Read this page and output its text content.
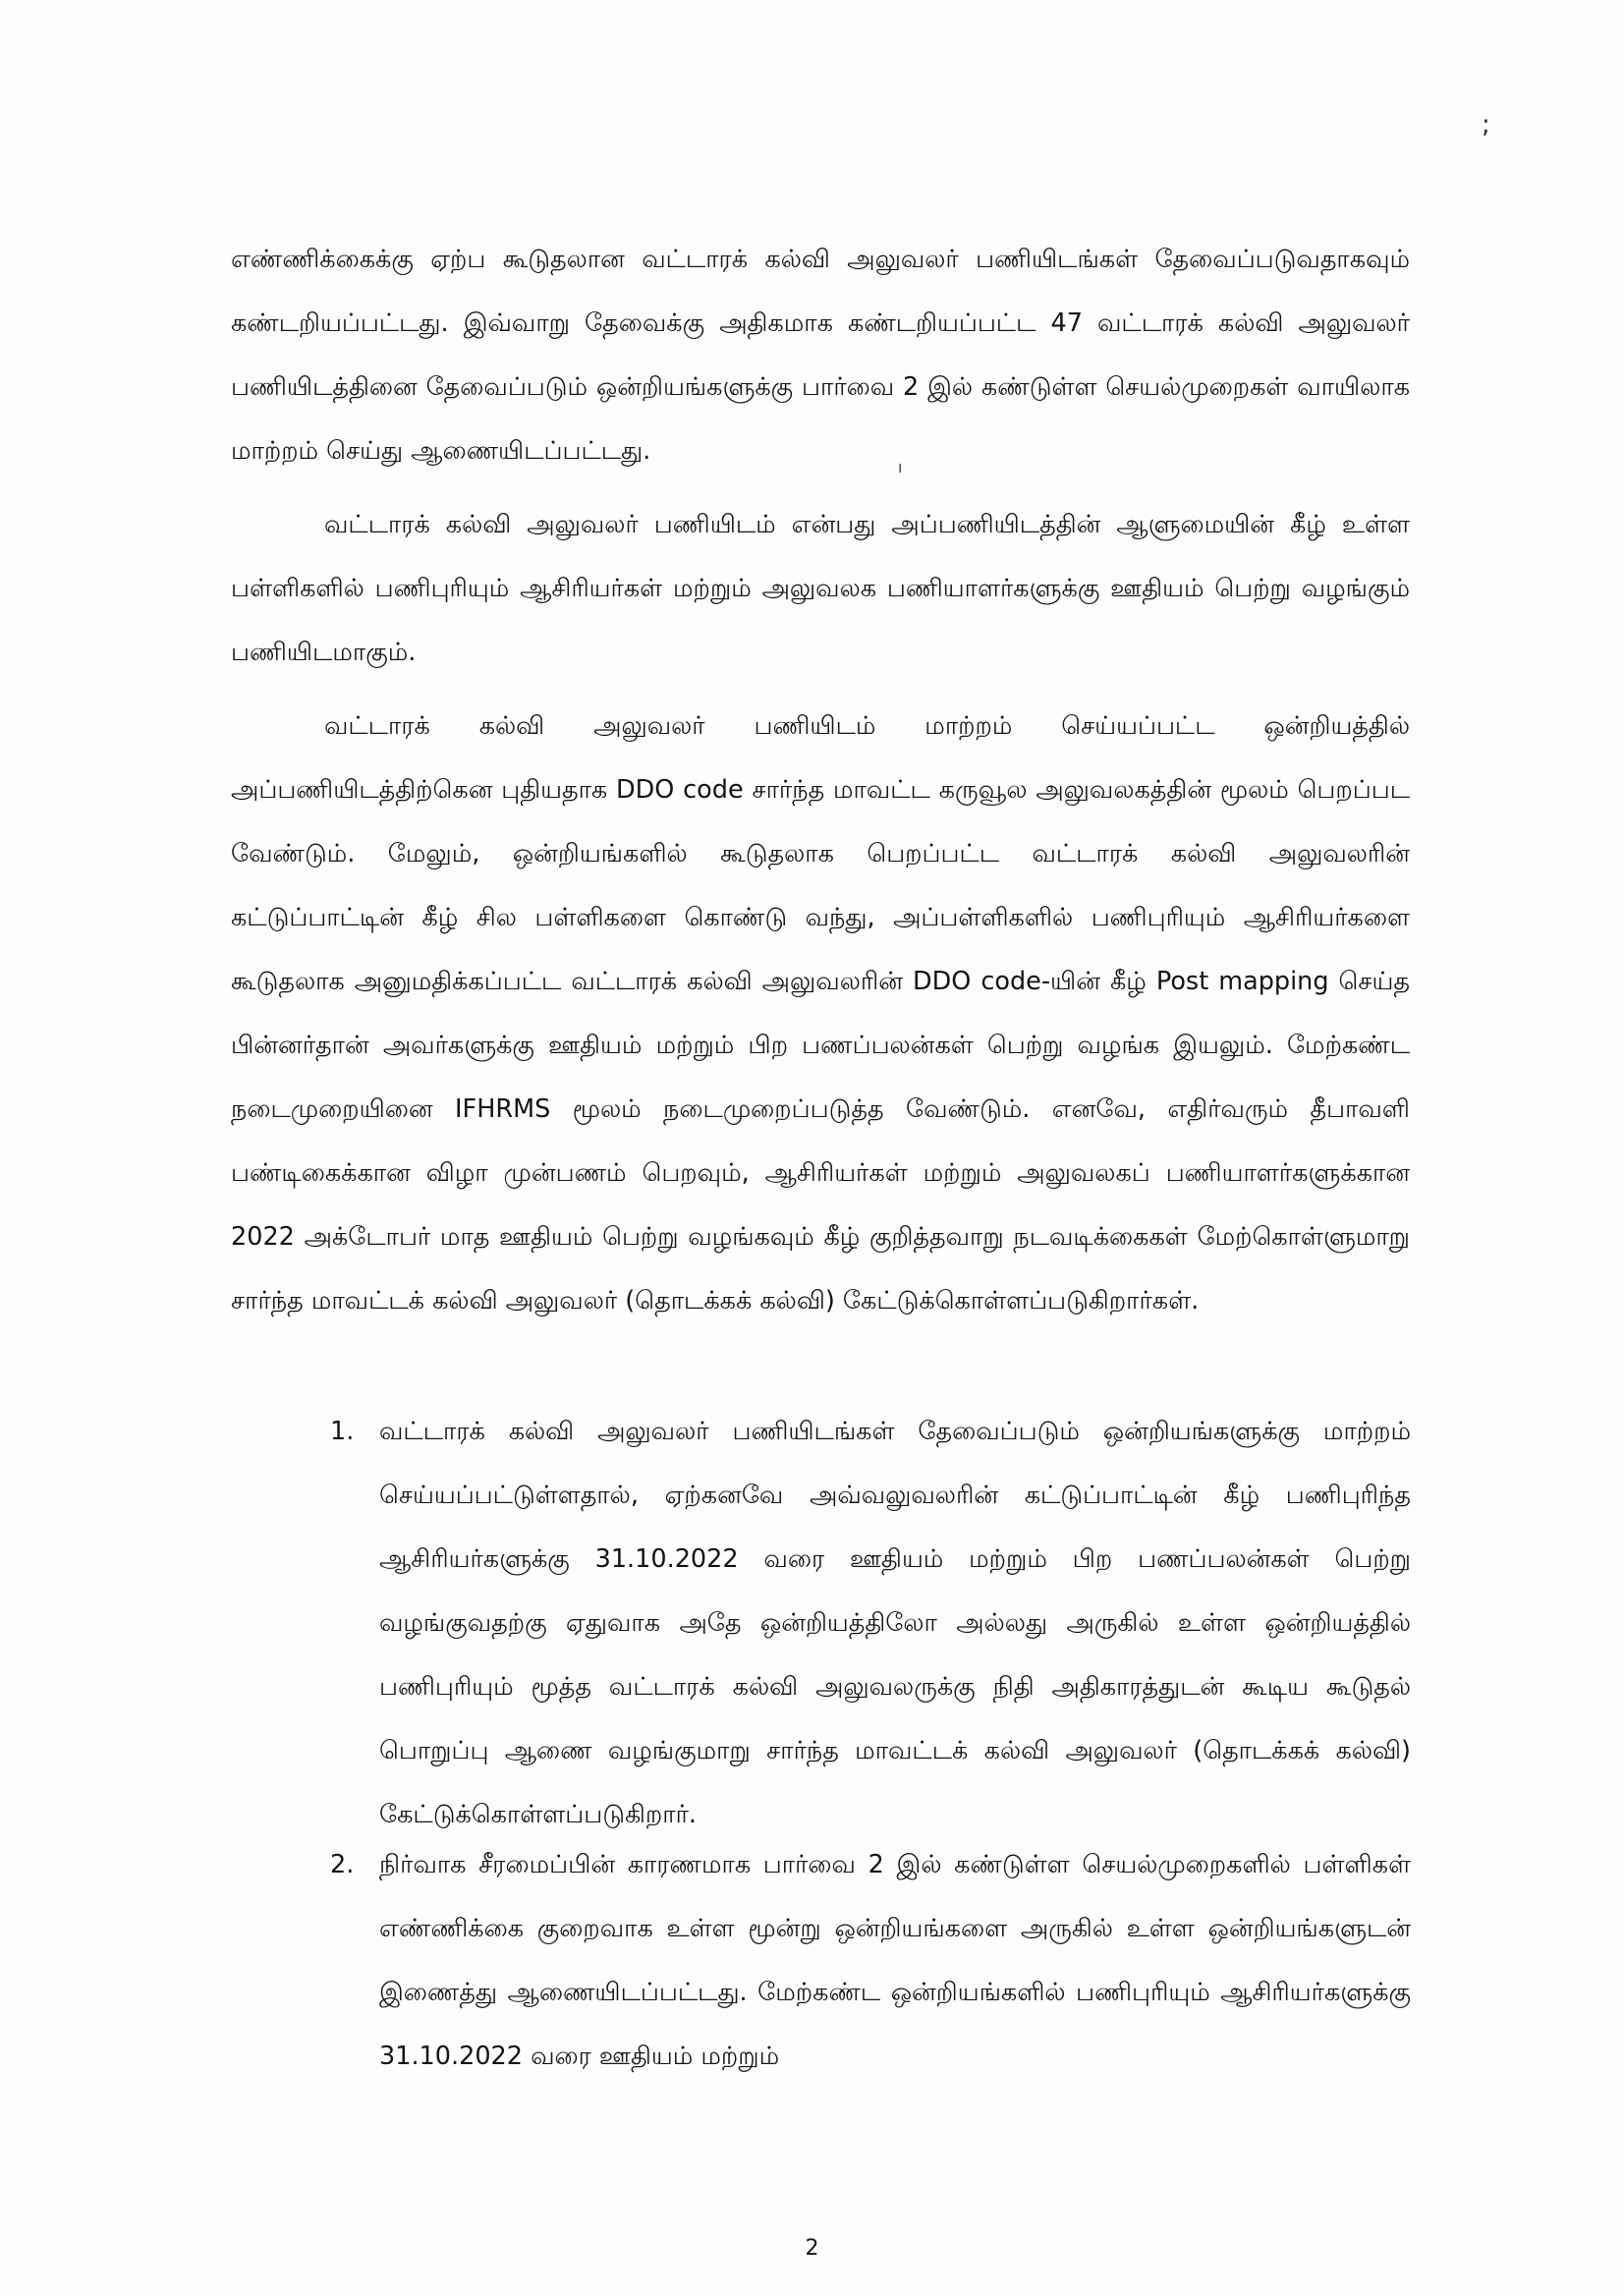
;
ı

எண்ணிக்கைக்கு ஏற்ப கூடுதலான வட்டாரக் கல்வி அலுவலர் பணியிடங்கள் தேவைப்படுவதாகவும் கண்டறியப்பட்டது. இவ்வாறு தேவைக்கு அதிகமாக கண்டறியப்பட்ட 47 வட்டாரக் கல்வி அலுவலர் பணியிடத்தினை தேவைப்படும் ஒன்றியங்களுக்கு பார்வை 2 இல் கண்டுள்ள செயல்முறைகள் வாயிலாக மாற்றம் செய்து ஆணையிடப்பட்டது.

வட்டாரக் கல்வி அலுவலர் பணியிடம் என்பது அப்பணியிடத்தின் ஆளுமையின் கீழ் உள்ள பள்ளிகளில் பணிபுரியும் ஆசிரியர்கள் மற்றும் அலுவலக பணியாளர்களுக்கு ஊதியம் பெற்று வழங்கும் பணியிடமாகும்.

வட்டாரக் கல்வி அலுவலர் பணியிடம் மாற்றம் செய்யப்பட்ட ஒன்றியத்தில் அப்பணியிடத்திற்கென புதியதாக DDO code சார்ந்த மாவட்ட கருவூல அலுவலகத்தின் மூலம் பெறப்பட வேண்டும். மேலும், ஒன்றியங்களில் கூடுதலாக பெறப்பட்ட வட்டாரக் கல்வி அலுவலரின் கட்டுப்பாட்டின் கீழ் சில பள்ளிகளை கொண்டு வந்து, அப்பள்ளிகளில் பணிபுரியும் ஆசிரியர்களை கூடுதலாக அனுமதிக்கப்பட்ட வட்டாரக் கல்வி அலுவலரின் DDO code-யின் கீழ் Post mapping செய்த பின்னர்தான் அவர்களுக்கு ஊதியம் மற்றும் பிற பணப்பலன்கள் பெற்று வழங்க இயலும். மேற்கண்ட நடைமுறையினை IFHRMS மூலம் நடைமுறைப்படுத்த வேண்டும். எனவே, எதிர்வரும் தீபாவளி பண்டிகைக்கான விழா முன்பணம் பெறவும், ஆசிரியர்கள் மற்றும் அலுவலகப் பணியாளர்களுக்கான 2022 அக்டோபர் மாத ஊதியம் பெற்று வழங்கவும் கீழ் குறித்தவாறு நடவடிக்கைகள் மேற்கொள்ளுமாறு சார்ந்த மாவட்டக் கல்வி அலுவலர் (தொடக்கக் கல்வி) கேட்டுக்கொள்ளப்படுகிறார்கள்.

1.	வட்டாரக் கல்வி அலுவலர் பணியிடங்கள் தேவைப்படும் ஒன்றியங்களுக்கு மாற்றம் செய்யப்பட்டுள்ளதால், ஏற்கனவே அவ்வலுவலரின் கட்டுப்பாட்டின் கீழ் பணிபுரிந்த ஆசிரியர்களுக்கு 31.10.2022 வரை ஊதியம் மற்றும் பிற பணப்பலன்கள் பெற்று வழங்குவதற்கு ஏதுவாக அதே ஒன்றியத்திலோ அல்லது அருகில் உள்ள ஒன்றியத்தில் பணிபுரியும் மூத்த வட்டாரக் கல்வி அலுவலருக்கு நிதி அதிகாரத்துடன் கூடிய கூடுதல் பொறுப்பு ஆணை வழங்குமாறு சார்ந்த மாவட்டக் கல்வி அலுவலர் (தொடக்கக் கல்வி) கேட்டுக்கொள்ளப்படுகிறார்.

2.	நிர்வாக சீரமைப்பின் காரணமாக பார்வை 2 இல் கண்டுள்ள செயல்முறைகளில் பள்ளிகள் எண்ணிக்கை குறைவாக உள்ள மூன்று ஒன்றியங்களை அருகில் உள்ள ஒன்றியங்களுடன் இணைத்து ஆணையிடப்பட்டது. மேற்கண்ட ஒன்றியங்களில் பணிபுரியும் ஆசிரியர்களுக்கு 31.10.2022 வரை ஊதியம் மற்றும்

2
